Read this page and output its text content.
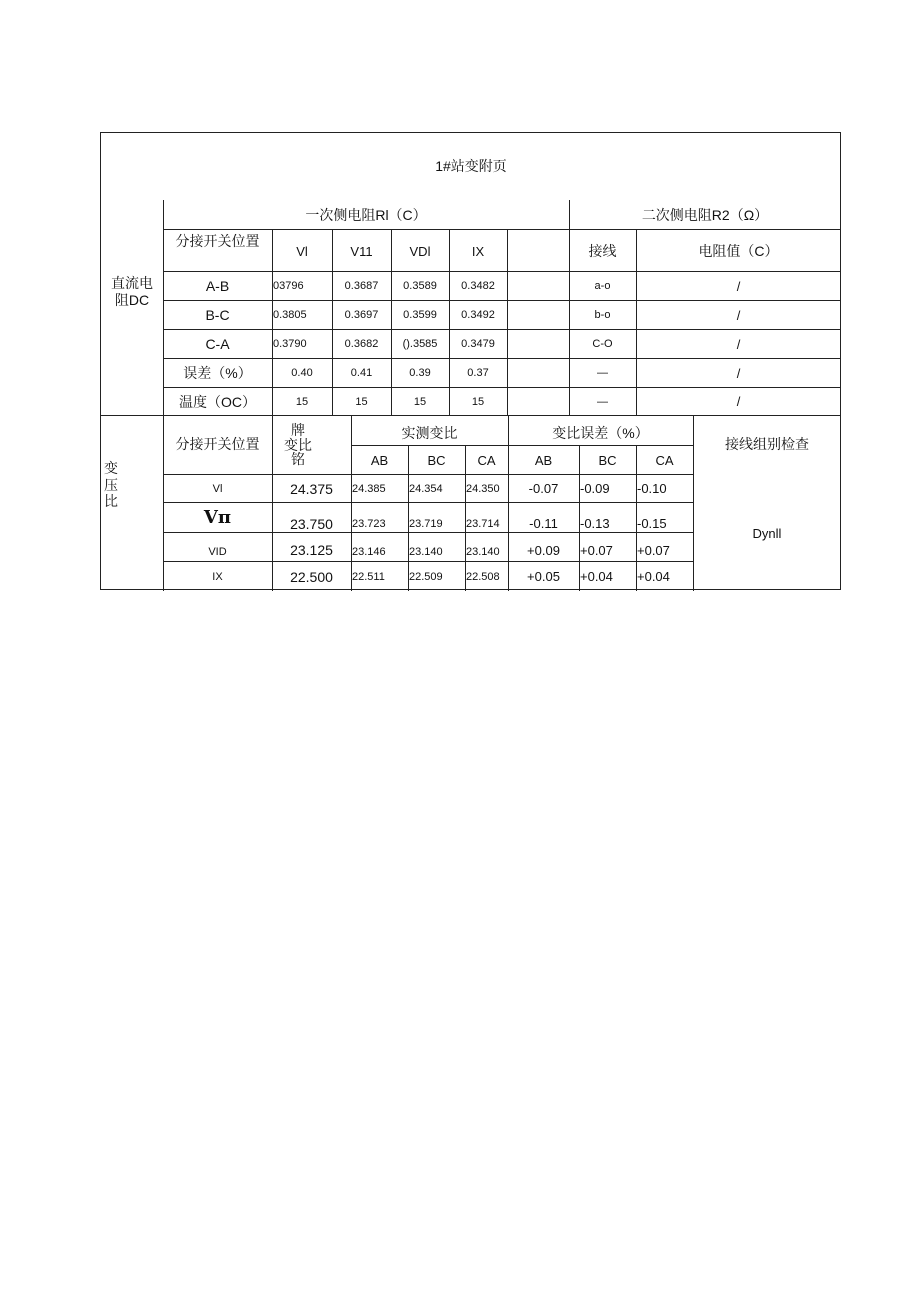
1#站变附页
直流电
阻DC
一次侧电阻Rl（C）	二次侧电阻R2（Ω）
分接开关位置
Vl	V11	VDl	IX	接线	电阻值（C）
A-B	03796	0.3687	0.3589	0.3482	a-o	/
B-C	0.3805	0.3697	0.3599	0.3492	b-o	/
C-A	0.3790	0.3682	().3585	0.3479	C-O	/
误差（%）	0.40	0.41	0.39	0.37	—	/
温度（OC）	15	15	15	15	—	/
变
压
比
分接开关位置
牌
变比
铭
实测变比	变比误差（%）
接线组别检查
AB	BC	CA	AB	BC	CA
Dynll
Vl	24.375	24.385	24.354	24.350	-0.07	-0.09	-0.10
Vπ	23.750	23.723	23.719	23.714	-0.11	-0.13	-0.15
VID	23.125	23.146	23.140	23.140	+0.09	+0.07	+0.07
IX	22.500	22.511	22.509	22.508	+0.05	+0.04	+0.04
